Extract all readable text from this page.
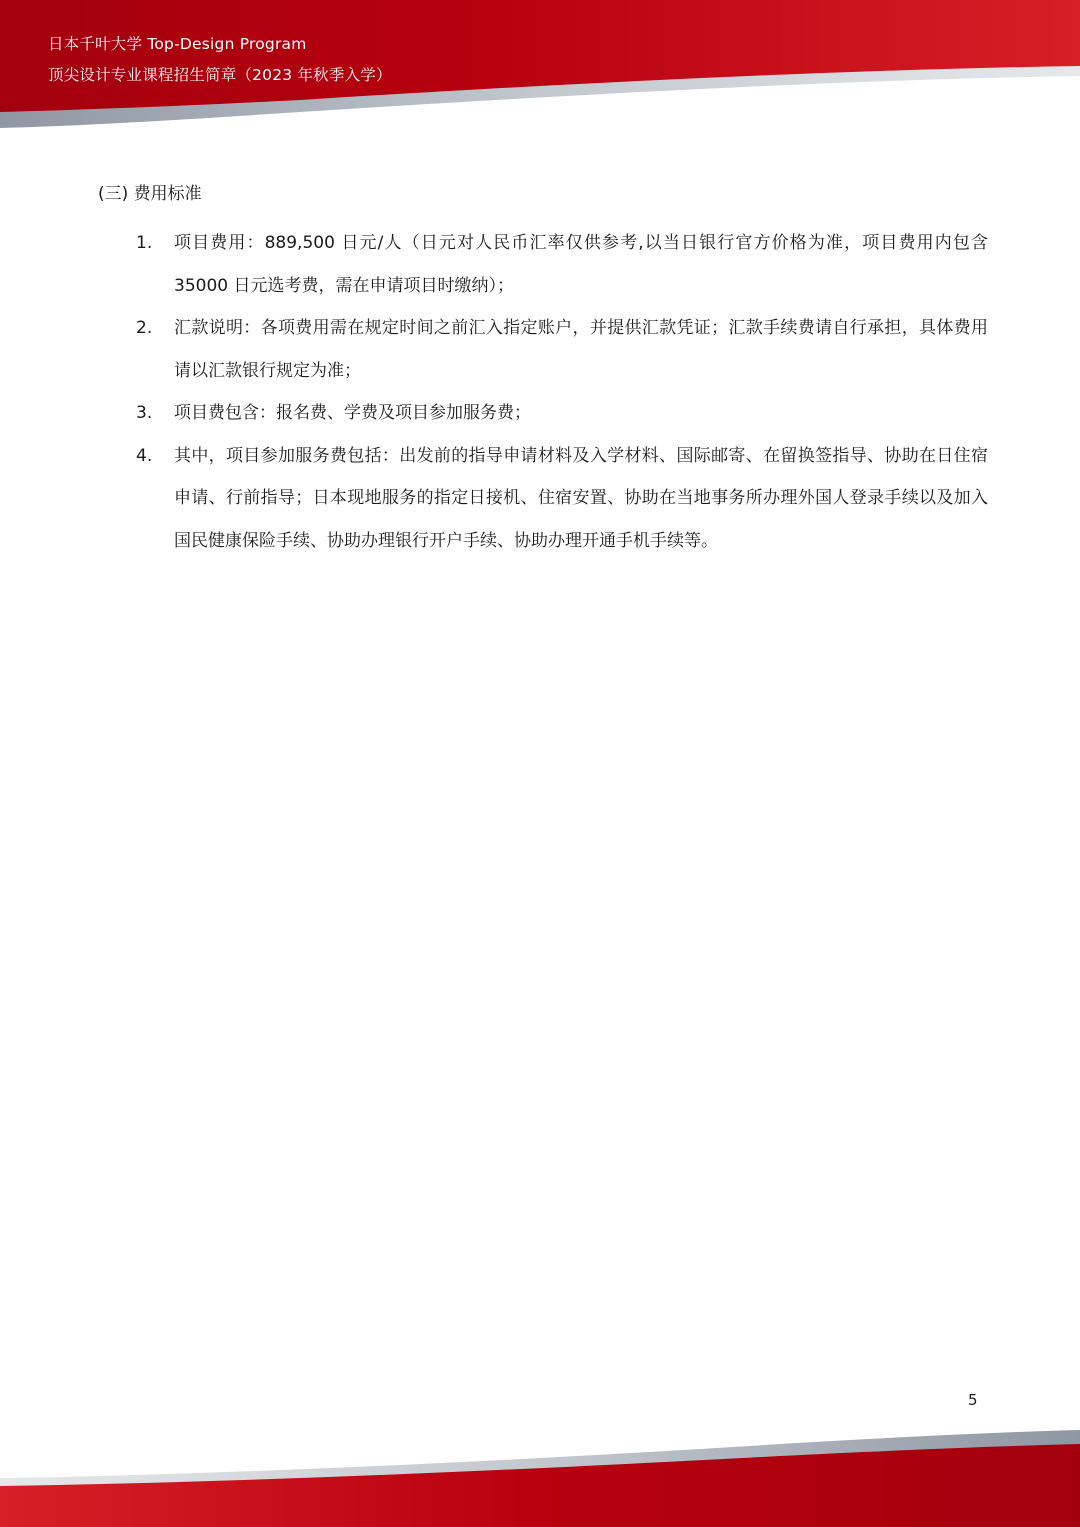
日本千叶大学 Top-Design Program
顶尖设计专业课程招生简章（2023 年秋季入学）
(三) 费用标准
1. 项目费用：889,500 日元/人（日元对人民币汇率仅供参考,以当日银行官方价格为准，项目费用内包含 35000 日元选考费，需在申请项目时缴纳）；
2. 汇款说明：各项费用需在规定时间之前汇入指定账户，并提供汇款凭证；汇款手续费请自行承担，具体费用请以汇款银行规定为准；
3. 项目费包含：报名费、学费及项目参加服务费；
4. 其中，项目参加服务费包括：出发前的指导申请材料及入学材料、国际邮寄、在留换签指导、协助在日住宿申请、行前指导；日本现地服务的指定日接机、住宿安置、协助在当地事务所办理外国人登录手续以及加入国民健康保险手续、协助办理银行开户手续、协助办理开通手机手续等。
5
